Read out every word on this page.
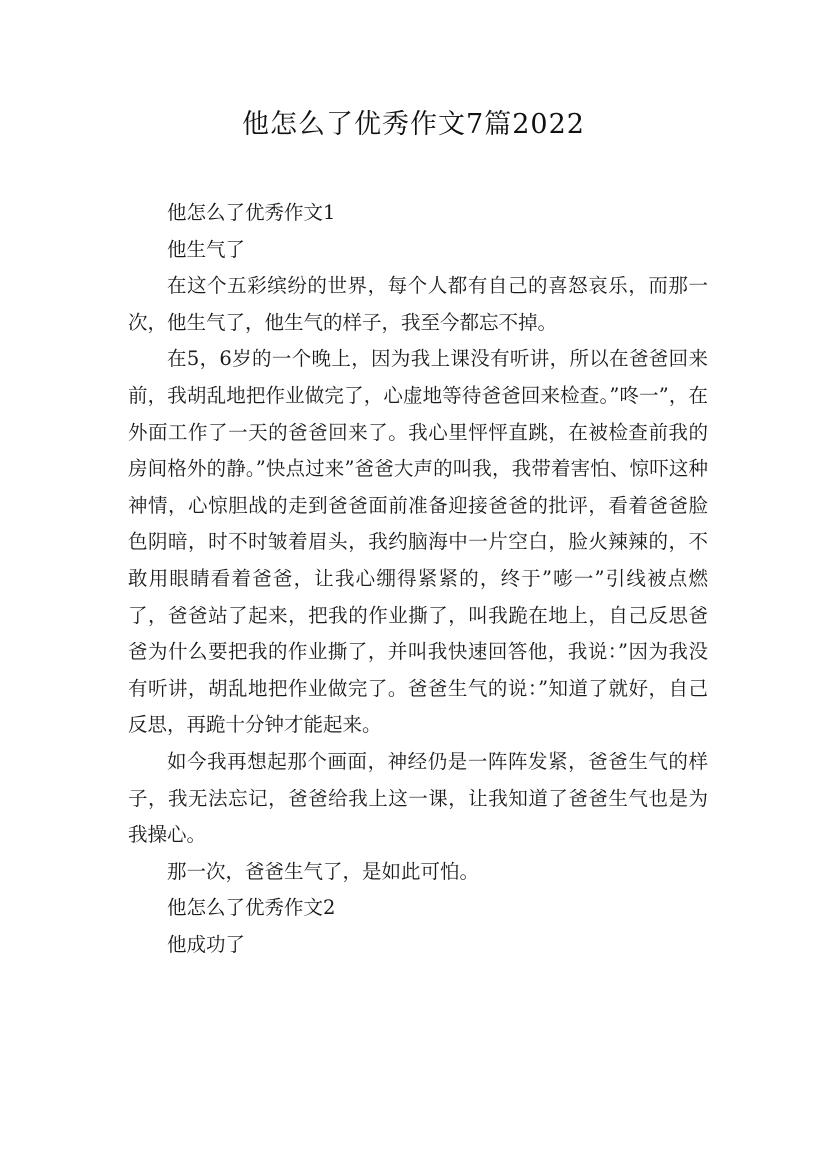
他怎么了优秀作文7篇2022

他怎么了优秀作文1

他生气了

在这个五彩缤纷的世界，每个人都有自己的喜怒哀乐，而那一次，他生气了，他生气的样子，我至今都忘不掉。

在5，6岁的一个晚上，因为我上课没有听讲，所以在爸爸回来前，我胡乱地把作业做完了，心虚地等待爸爸回来检查。”咚一”，在外面工作了一天的爸爸回来了。我心里怦怦直跳，在被检查前我的房间格外的静。”快点过来”爸爸大声的叫我，我带着害怕、惊吓这种神情，心惊胆战的走到爸爸面前准备迎接爸爸的批评，看着爸爸脸色阴暗，时不时皱着眉头，我约脑海中一片空白，脸火辣辣的，不敢用眼睛看着爸爸，让我心绷得紧紧的，终于”嘭一”引线被点燃了，爸爸站了起来，把我的作业撕了，叫我跪在地上，自己反思爸爸为什么要把我的作业撕了，并叫我快速回答他，我说：”因为我没有听讲，胡乱地把作业做完了。爸爸生气的说：”知道了就好，自己反思，再跪十分钟才能起来。

如今我再想起那个画面，神经仍是一阵阵发紧，爸爸生气的样子，我无法忘记，爸爸给我上这一课，让我知道了爸爸生气也是为我操心。

那一次，爸爸生气了，是如此可怕。

他怎么了优秀作文2

他成功了
